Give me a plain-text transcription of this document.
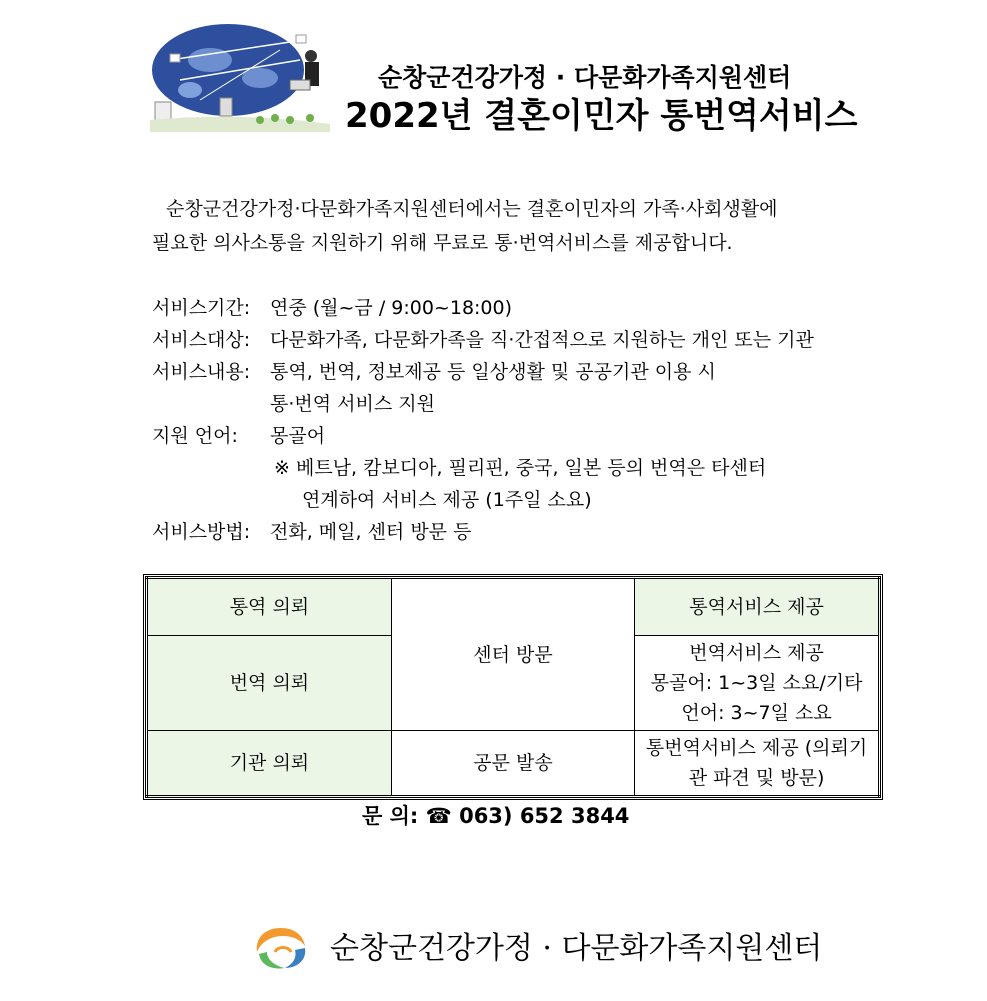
순창군건강가정 · 다문화가족지원센터
2022년 결혼이민자 통번역서비스
순창군건강가정·다문화가족지원센터에서는 결혼이민자의 가족·사회생활에
필요한 의사소통을 지원하기 위해 무료로 통·번역서비스를 제공합니다.
서비스기간: 연중 (월~금 / 9:00~18:00)
서비스대상: 다문화가족, 다문화가족을 직·간접적으로 지원하는 개인 또는 기관
서비스내용: 통역, 번역, 정보제공 등 일상생활 및 공공기관 이용 시
통·번역 서비스 지원
지원 언어: 몽골어
※ 베트남, 캄보디아, 필리핀, 중국, 일본 등의 번역은 타센터
연계하여 서비스 제공 (1주일 소요)
서비스방법: 전화, 메일, 센터 방문 등
통역 의뢰	센터 방문	통역서비스 제공
번역 의뢰		번역서비스 제공
몽골어: 1~3일 소요/기타 언어: 3~7일 소요

기관 의뢰	공문 발송	통번역서비스 제공 (의뢰기관 파견 및 방문)
문 의: ☎ 063) 652 3844
순창군건강가정 · 다문화가족지원센터
